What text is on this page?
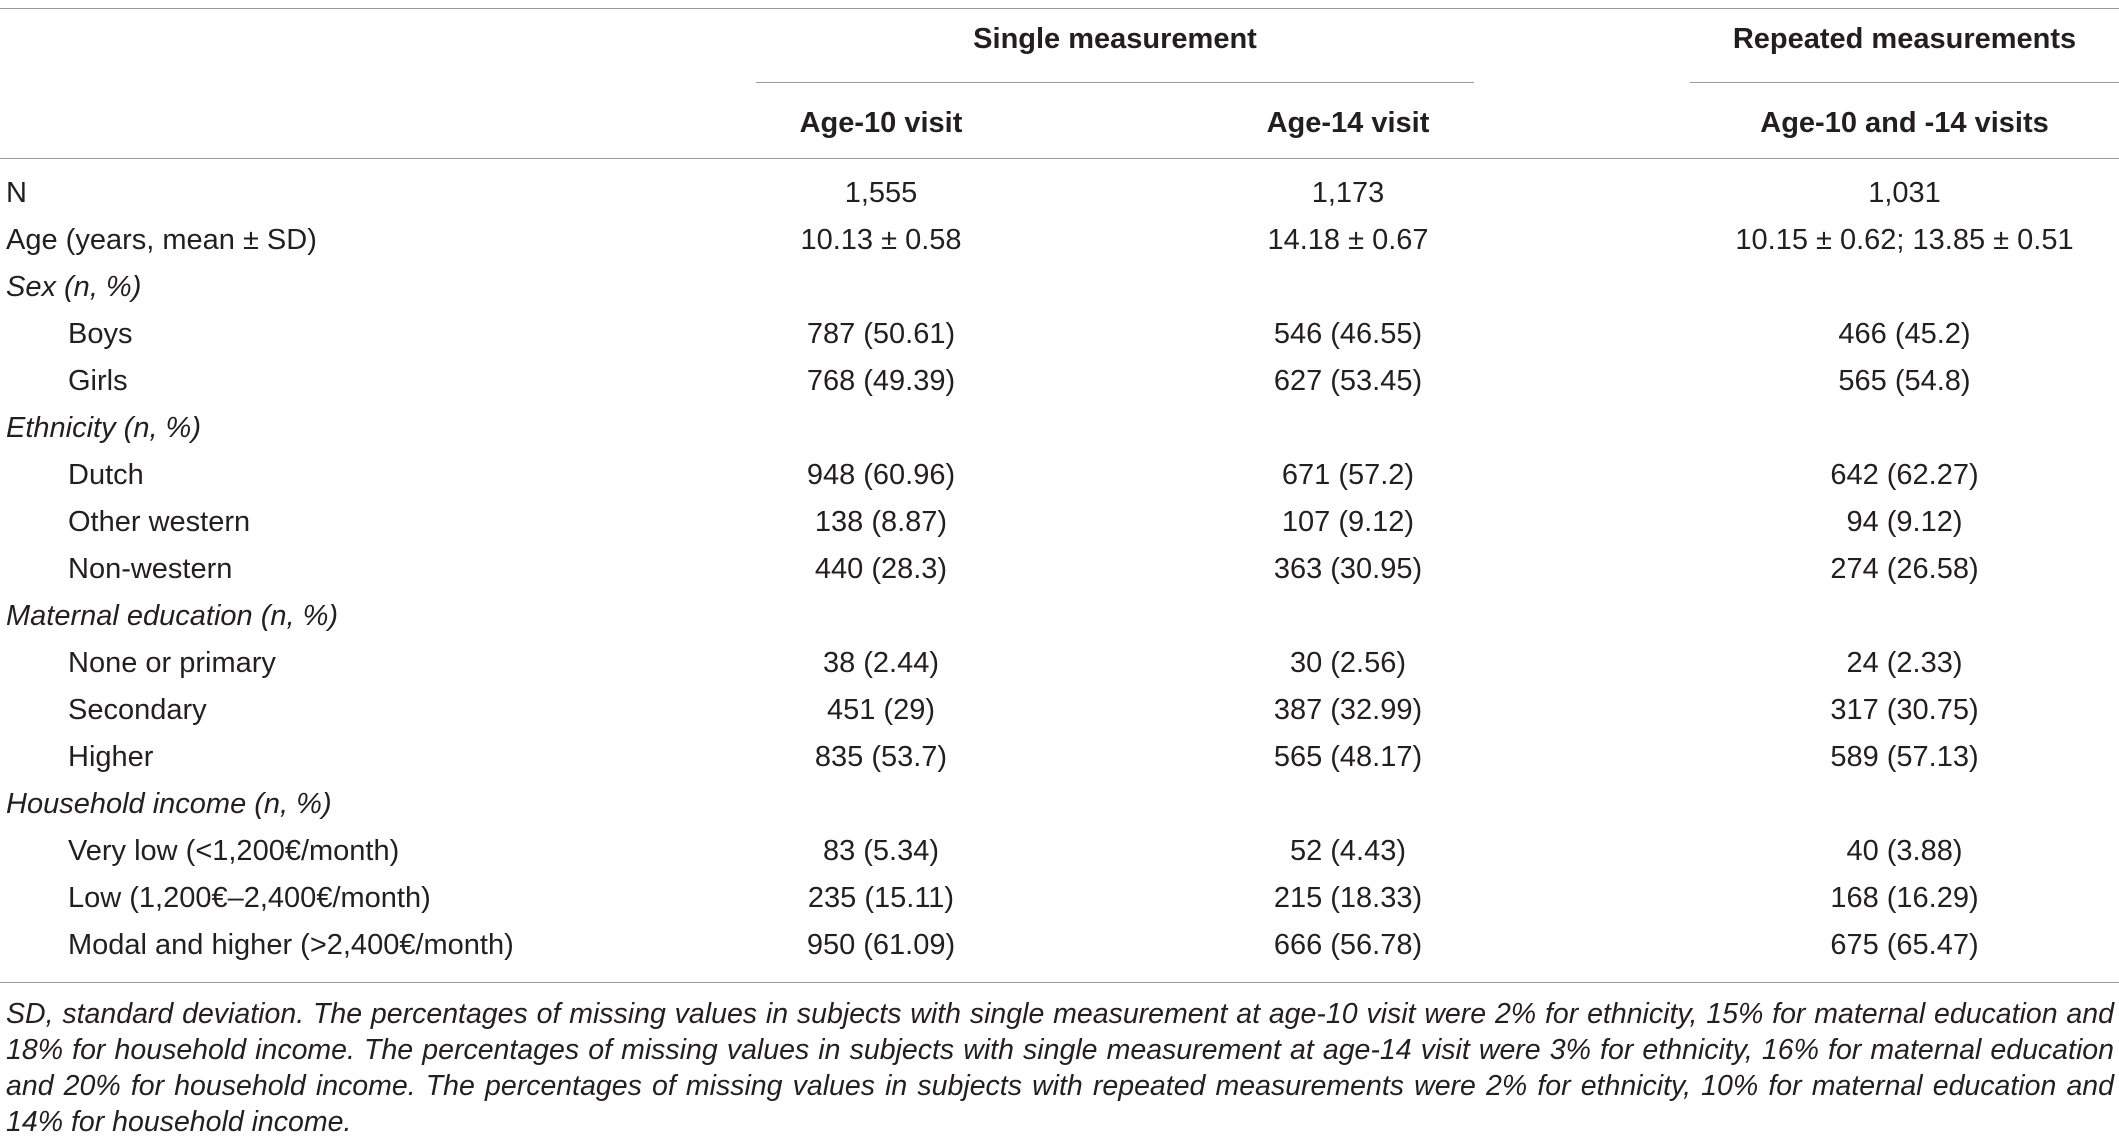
Single measurement	Repeated measurements
Age-10 visit	Age-14 visit	Age-10 and -14 visits
N	1,555	1,173	1,031
Age (years, mean ± SD)	10.13 ± 0.58	14.18 ± 0.67	10.15 ± 0.62; 13.85 ± 0.51
Sex (n, %)
Boys	787 (50.61)	546 (46.55)	466 (45.2)
Girls	768 (49.39)	627 (53.45)	565 (54.8)
Ethnicity (n, %)
Dutch	948 (60.96)	671 (57.2)	642 (62.27)
Other western	138 (8.87)	107 (9.12)	94 (9.12)
Non-western	440 (28.3)	363 (30.95)	274 (26.58)
Maternal education (n, %)
None or primary	38 (2.44)	30 (2.56)	24 (2.33)
Secondary	451 (29)	387 (32.99)	317 (30.75)
Higher	835 (53.7)	565 (48.17)	589 (57.13)
Household income (n, %)
Very low (<1,200€/month)	83 (5.34)	52 (4.43)	40 (3.88)
Low (1,200€–2,400€/month)	235 (15.11)	215 (18.33)	168 (16.29)
Modal and higher (>2,400€/month)	950 (61.09)	666 (56.78)	675 (65.47)
SD, standard deviation. The percentages of missing values in subjects with single measurement at age-10 visit were 2% for ethnicity, 15% for maternal education and 18% for household income. The percentages of missing values in subjects with single measurement at age-14 visit were 3% for ethnicity, 16% for maternal education and 20% for household income. The percentages of missing values in subjects with repeated measurements were 2% for ethnicity, 10% for maternal education and 14% for household income.
